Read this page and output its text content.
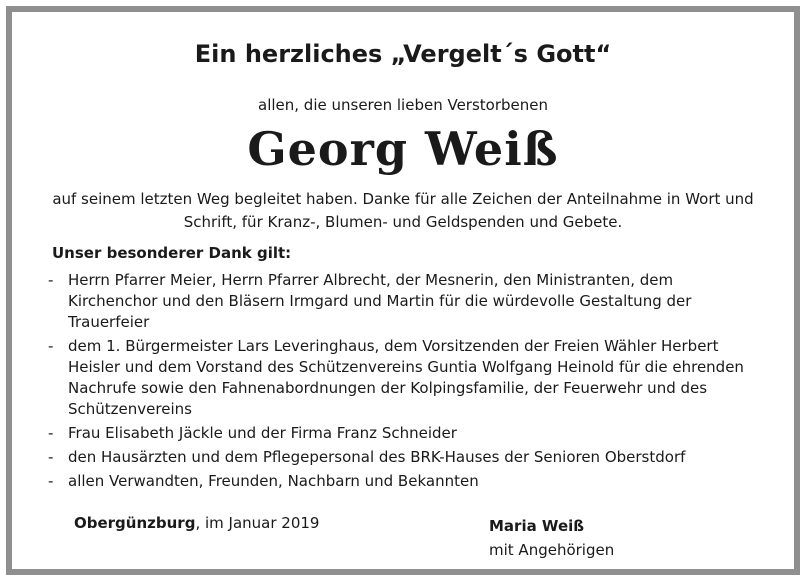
Ein herzliches „Vergelt´s Gott“
allen, die unseren lieben Verstorbenen
Georg Weiß
auf seinem letzten Weg begleitet haben. Danke für alle Zeichen der Anteilnahme in Wort und Schrift, für Kranz-, Blumen- und Geldspenden und Gebete.
Unser besonderer Dank gilt:
- Herrn Pfarrer Meier, Herrn Pfarrer Albrecht, der Mesnerin, den Ministranten, dem Kirchenchor und den Bläsern Irmgard und Martin für die würdevolle Gestaltung der Trauerfeier
- dem 1. Bürgermeister Lars Leveringhaus, dem Vorsitzenden der Freien Wähler Herbert Heisler und dem Vorstand des Schützenvereins Guntia Wolfgang Heinold für die ehrenden Nachrufe sowie den Fahnenabordnungen der Kolpingsfamilie, der Feuerwehr und des Schützenvereins
- Frau Elisabeth Jäckle und der Firma Franz Schneider
- den Hausärzten und dem Pflegepersonal des BRK-Hauses der Senioren Oberstdorf
- allen Verwandten, Freunden, Nachbarn und Bekannten
Obergünzburg, im Januar 2019	Maria Weiß
mit Angehörigen
